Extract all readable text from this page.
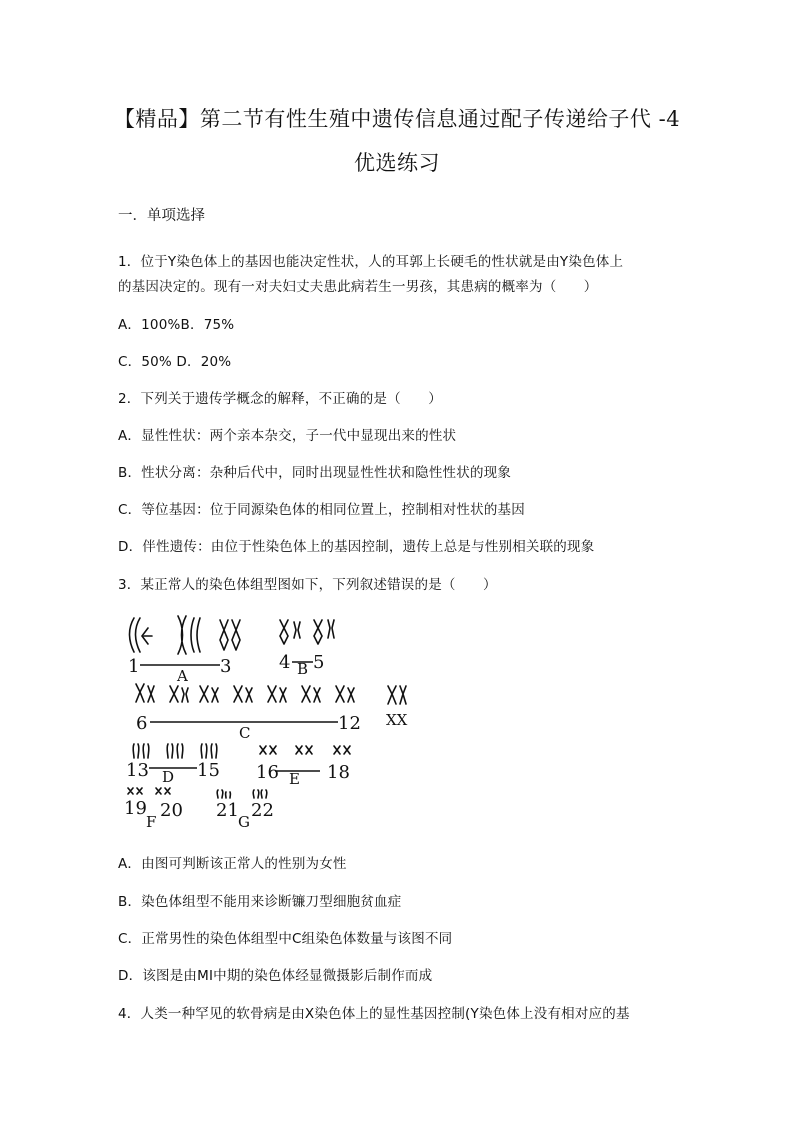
【精品】第二节有性生殖中遗传信息通过配子传递给子代 -4
优选练习
一．单项选择
1．位于Y染色体上的基因也能决定性状，人的耳郭上长硬毛的性状就是由Y染色体上
的基因决定的。现有一对夫妇丈夫患此病若生一男孩，其患病的概率为（　　）
A．100%B．75%
C．50% D．20%
2．下列关于遗传学概念的解释，不正确的是（　　）
A．显性性状：两个亲本杂交，子一代中显现出来的性状
B．性状分离：杂种后代中，同时出现显性性状和隐性性状的现象
C．等位基因：位于同源染色体的相同位置上，控制相对性状的基因
D．伴性遗传：由位于性染色体上的基因控制，遗传上总是与性别相关联的现象
3．某正常人的染色体组型图如下，下列叙述错误的是（　　）
1	3	4 5
6	12
13	15 16	18
19 20 21 22
A	B
C
XX
D	E
F	G
A．由图可判断该正常人的性别为女性
B．染色体组型不能用来诊断镰刀型细胞贫血症
C．正常男性的染色体组型中C组染色体数量与该图不同
D．该图是由MⅠ中期的染色体经显微摄影后制作而成
4．人类一种罕见的软骨病是由X染色体上的显性基因控制(Y染色体上没有相对应的基
